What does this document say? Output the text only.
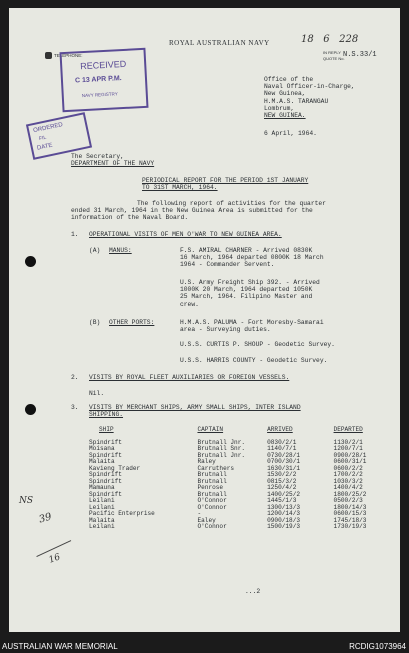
ROYAL AUSTRALIAN NAVY
TELEPHONE:
18   6   228
IN REPLY
QUOTE No.
N.S.33/1
RECEIVED
C 13 APR P.M.
NAVY REGISTRY
ORDERED
FIL
DATE
Office of the
Naval Officer-in-Charge,
New Guinea,
H.M.A.S. TARANGAU
Lombrum,
NEW GUINEA.
6 April, 1964.
The Secretary,
DEPARTMENT OF THE NAVY
PERIODICAL REPORT FOR THE PERIOD 1ST JANUARY
TO 31ST MARCH, 1964.
The following report of activities for the quarter
ended 31 March, 1964 in the New Guinea Area is submitted for the
information of the Naval Board.
1. OPERATIONAL VISITS OF MEN O'WAR TO NEW GUINEA AREA.
(A) MANUS:	F.S. AMIRAL CHARNER - Arrived 0830K
16 March, 1964 departed 0800K 18 March
1964 - Commander Servent.
U.S. Army Freight Ship 392. - Arrived
1000K 20 March, 1964 departed 1050K
25 March, 1964. Filipino Master and
crew.
(B) OTHER PORTS:	H.M.A.S. PALUMA - Fort Moresby-Samarai
area - Surveying duties.
U.S.S. CURTIS P. SHOUP - Geodetic Survey.
U.S.S. HARRIS COUNTY - Geodetic Survey.
2. VISITS BY ROYAL FLEET AUXILIARIES OR FOREIGN VESSELS.
Nil.
3. VISITS BY MERCHANT SHIPS, ARMY SMALL SHIPS, INTER ISLAND
SHIPPING.
SHIP	CAPTAIN	ARRIVED	DEPARTED

Spindrift	Brutnall Jnr.	0830/2/1	1130/2/1
Moisana	Brutnall Snr.	1140/7/1	1200/7/1
Spindrift	Brutnall Jnr.	0730/28/1	0900/28/1
Malaita	Raley	0700/30/1	0600/31/1
Kavieng Trader	Carruthers	1630/31/1	0600/2/2
Spindrift	Brutnall	1530/2/2	1700/2/2
Spindrift	Brutnall	0815/3/2	1030/3/2
Mamauna	Penrose	1250/4/2	1400/4/2
Spindrift	Brutnall	1400/25/2	1800/25/2
Leilani	O'Connor	1445/1/3	0500/2/3
Leilani	O'Connor	1300/13/3	1800/14/3
Pacific Enterprise	-	1200/14/3	0600/15/3
Malaita	Ealey	0900/18/3	1745/18/3
Leilani	O'Connor	1500/19/3	1730/19/3
...2
NS
39
16
AUSTRALIAN WAR MEMORIAL	RCDIG1073964
